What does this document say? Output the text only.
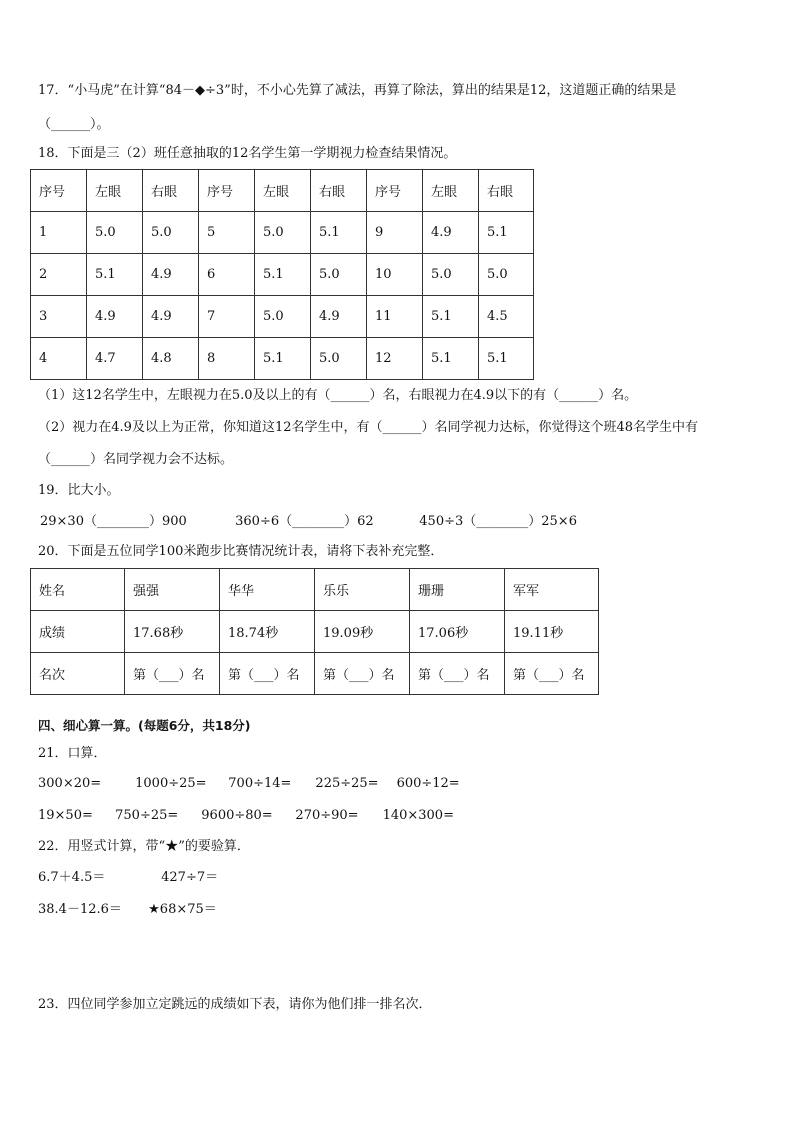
17．“小马虎”在计算“84－◆÷3”时，不小心先算了减法，再算了除法，算出的结果是12，这道题正确的结果是
（______）。
18．下面是三（2）班任意抽取的12名学生第一学期视力检查结果情况。
序号	左眼	右眼	序号	左眼	右眼	序号	左眼	右眼
1	5.0	5.0	5	5.0	5.1	9	4.9	5.1
2	5.1	4.9	6	5.1	5.0	10	5.0	5.0
3	4.9	4.9	7	5.0	4.9	11	5.1	4.5
4	4.7	4.8	8	5.1	5.0	12	5.1	5.1
（1）这12名学生中，左眼视力在5.0及以上的有（______）名，右眼视力在4.9以下的有（______）名。
（2）视力在4.9及以上为正常，你知道这12名学生中，有（______）名同学视力达标，你觉得这个班48名学生中有
（______）名同学视力会不达标。
19．比大小。
29×30（________）900	360÷6（________）62	450÷3（________）25×6
20．下面是五位同学100米跑步比赛情况统计表，请将下表补充完整．
姓名	强强	华华	乐乐	珊珊	军军
成绩	17.68秒	18.74秒	19.09秒	17.06秒	19.11秒
名次	第（___）名	第（___）名	第（___）名	第（___）名	第（___）名
四、细心算一算。(每题6分，共18分)
21．口算．
300×20=	1000÷25= 700÷14= 225÷25= 600÷12=
19×50= 750÷25= 9600÷80= 270÷90= 140×300=
22．用竖式计算，带“★”的要验算．
6.7＋4.5＝	427÷7＝
38.4－12.6＝ ★68×75＝
23．四位同学参加立定跳远的成绩如下表，请你为他们排一排名次．
